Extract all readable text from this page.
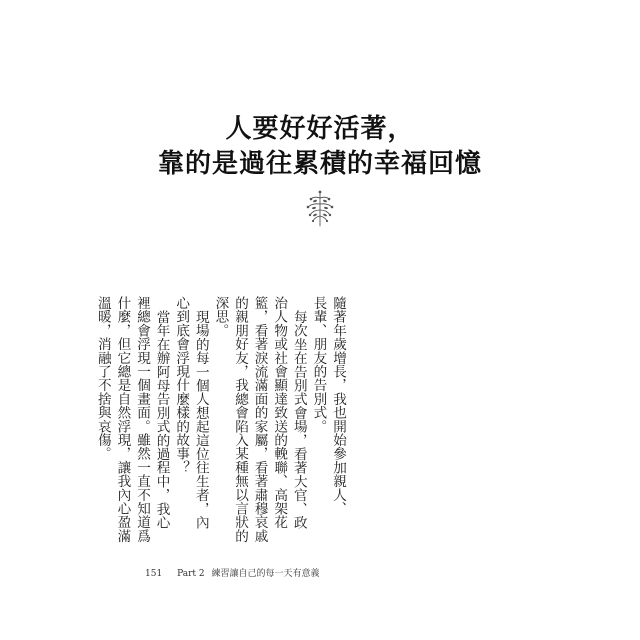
人要好好活著，
靠的是過往累積的幸福回憶
隨著年歲增長，我也開始參加親人、
長輩、朋友的告別式。
每次坐在告別式會場，看著大官、政
治人物或社會顯達致送的輓聯、高架花
籃，看著淚流滿面的家屬，看著肅穆哀戚
的親朋好友，我總會陷入某種無以言狀的
深思。
現場的每一個人想起這位往生者，內
心到底會浮現什麼樣的故事？
當年在辦阿母告別式的過程中，我心
裡總會浮現一個畫面。雖然一直不知道爲
什麼，但它總是自然浮現，讓我內心盈滿
溫暖，消融了不捨與哀傷。
151 Part 2 練習讓自己的每一天有意義
